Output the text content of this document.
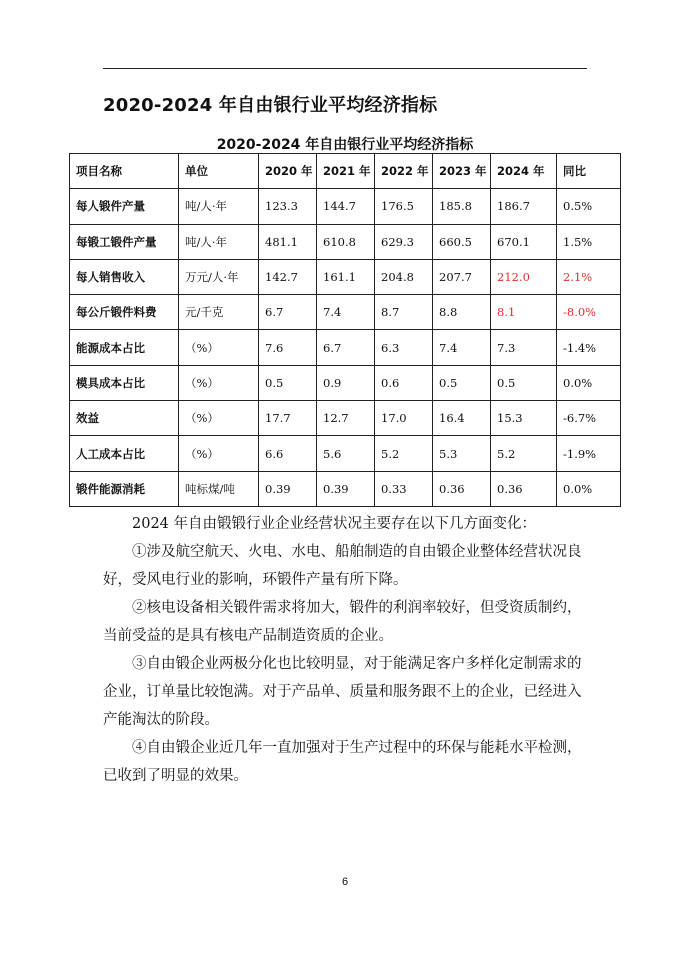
2020-2024 年自由银行业平均经济指标
2020-2024 年自由银行业平均经济指标
项目名称	单位	2020 年	2021 年	2022 年	2023 年	2024 年	同比
每人锻件产量	吨/人·年	123.3	144.7	176.5	185.8	186.7	0.5%
每锻工锻件产量	吨/人·年	481.1	610.8	629.3	660.5	670.1	1.5%
每人销售收入	万元/人·年	142.7	161.1	204.8	207.7	212.0	2.1%
每公斤锻件料费	元/千克	6.7	7.4	8.7	8.8	8.1	-8.0%
能源成本占比	（%）	7.6	6.7	6.3	7.4	7.3	-1.4%
模具成本占比	（%）	0.5	0.9	0.6	0.5	0.5	0.0%
效益	（%）	17.7	12.7	17.0	16.4	15.3	-6.7%
人工成本占比	（%）	6.6	5.6	5.2	5.3	5.2	-1.9%
锻件能源消耗	吨标煤/吨	0.39	0.39	0.33	0.36	0.36	0.0%

2024 年自由锻锻行业企业经营状况主要存在以下几方面变化：

①涉及航空航天、火电、水电、船舶制造的自由锻企业整体经营状况良好，受风电行业的影响，环锻件产量有所下降。

②核电设备相关锻件需求将加大，锻件的利润率较好，但受资质制约，当前受益的是具有核电产品制造资质的企业。

③自由锻企业两极分化也比较明显，对于能满足客户多样化定制需求的企业，订单量比较饱满。对于产品单、质量和服务跟不上的企业，已经进入产能淘汰的阶段。

④自由锻企业近几年一直加强对于生产过程中的环保与能耗水平检测，已收到了明显的效果。

6
